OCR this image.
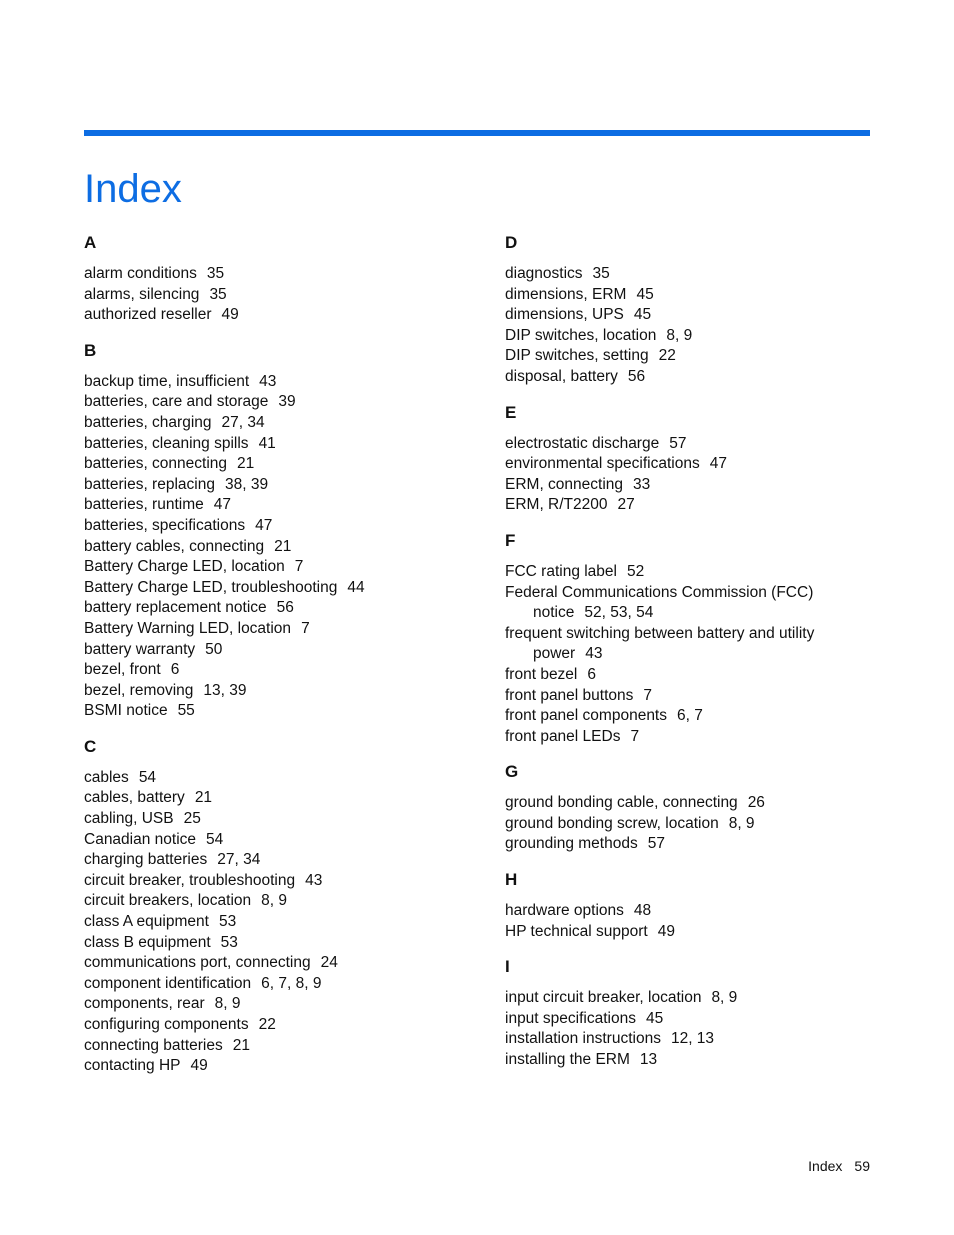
Index
A
alarm conditions 35
alarms, silencing 35
authorized reseller 49
B
backup time, insufficient 43
batteries, care and storage 39
batteries, charging 27, 34
batteries, cleaning spills 41
batteries, connecting 21
batteries, replacing 38, 39
batteries, runtime 47
batteries, specifications 47
battery cables, connecting 21
Battery Charge LED, location 7
Battery Charge LED, troubleshooting 44
battery replacement notice 56
Battery Warning LED, location 7
battery warranty 50
bezel, front 6
bezel, removing 13, 39
BSMI notice 55
C
cables 54
cables, battery 21
cabling, USB 25
Canadian notice 54
charging batteries 27, 34
circuit breaker, troubleshooting 43
circuit breakers, location 8, 9
class A equipment 53
class B equipment 53
communications port, connecting 24
component identification 6, 7, 8, 9
components, rear 8, 9
configuring components 22
connecting batteries 21
contacting HP 49
D
diagnostics 35
dimensions, ERM 45
dimensions, UPS 45
DIP switches, location 8, 9
DIP switches, setting 22
disposal, battery 56
E
electrostatic discharge 57
environmental specifications 47
ERM, connecting 33
ERM, R/T2200 27
F
FCC rating label 52
Federal Communications Commission (FCC)
notice 52, 53, 54
frequent switching between battery and utility
power 43
front bezel 6
front panel buttons 7
front panel components 6, 7
front panel LEDs 7
G
ground bonding cable, connecting 26
ground bonding screw, location 8, 9
grounding methods 57
H
hardware options 48
HP technical support 49
I
input circuit breaker, location 8, 9
input specifications 45
installation instructions 12, 13
installing the ERM 13
Index 59
